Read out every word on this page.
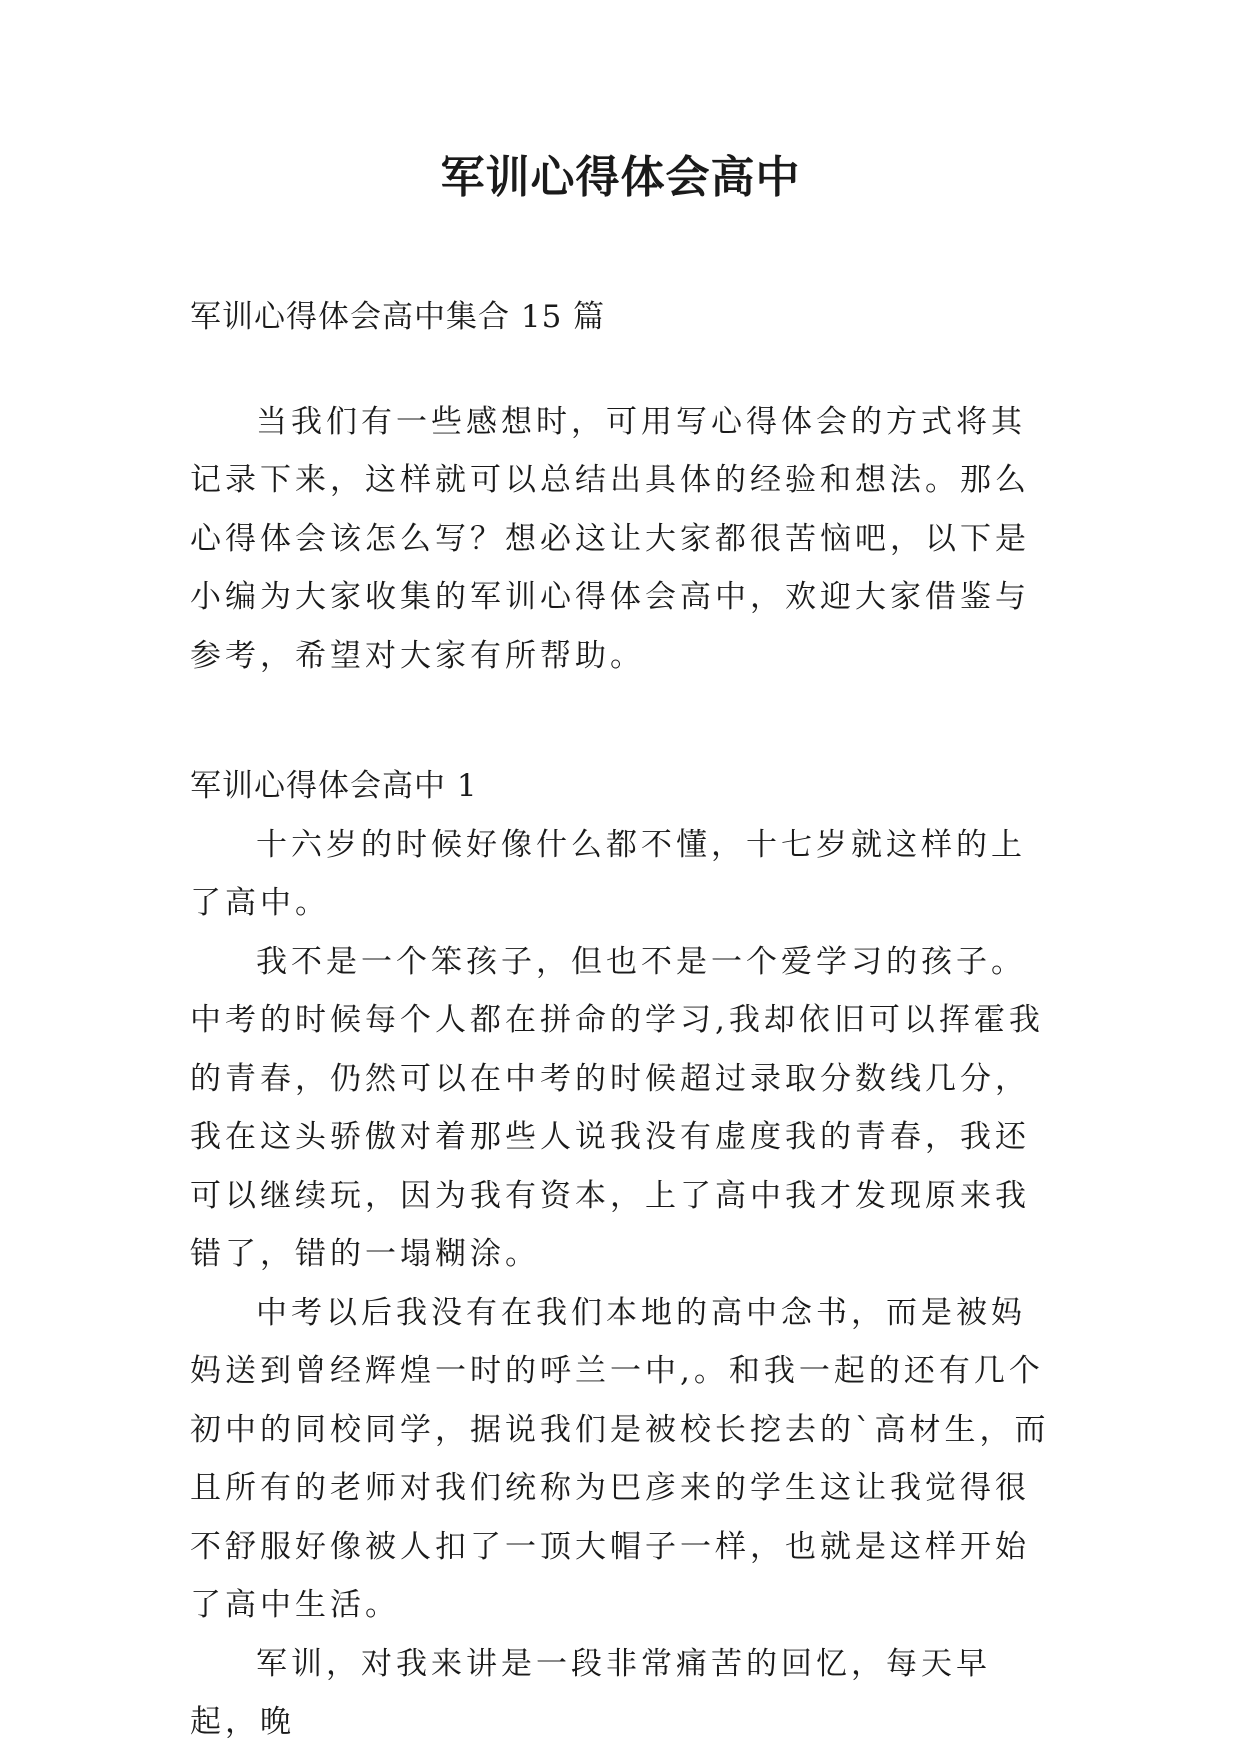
军训心得体会高中

军训心得体会高中集合 15 篇

当我们有一些感想时，可用写心得体会的方式将其记录下来，这样就可以总结出具体的经验和想法。那么心得体会该怎么写？想必这让大家都很苦恼吧，以下是小编为大家收集的军训心得体会高中，欢迎大家借鉴与参考，希望对大家有所帮助。

军训心得体会高中 1

十六岁的时候好像什么都不懂，十七岁就这样的上了高中。

我不是一个笨孩子，但也不是一个爱学习的孩子。中考的时候每个人都在拼命的学习,我却依旧可以挥霍我的青春，仍然可以在中考的时候超过录取分数线几分，我在这头骄傲对着那些人说我没有虚度我的青春，我还可以继续玩，因为我有资本，上了高中我才发现原来我错了，错的一塌糊涂。

中考以后我没有在我们本地的高中念书，而是被妈妈送到曾经辉煌一时的呼兰一中,。和我一起的还有几个初中的同校同学，据说我们是被校长挖去的`高材生，而且所有的老师对我们统称为巴彦来的学生这让我觉得很不舒服好像被人扣了一顶大帽子一样，也就是这样开始了高中生活。

军训，对我来讲是一段非常痛苦的回忆，每天早起，晚
